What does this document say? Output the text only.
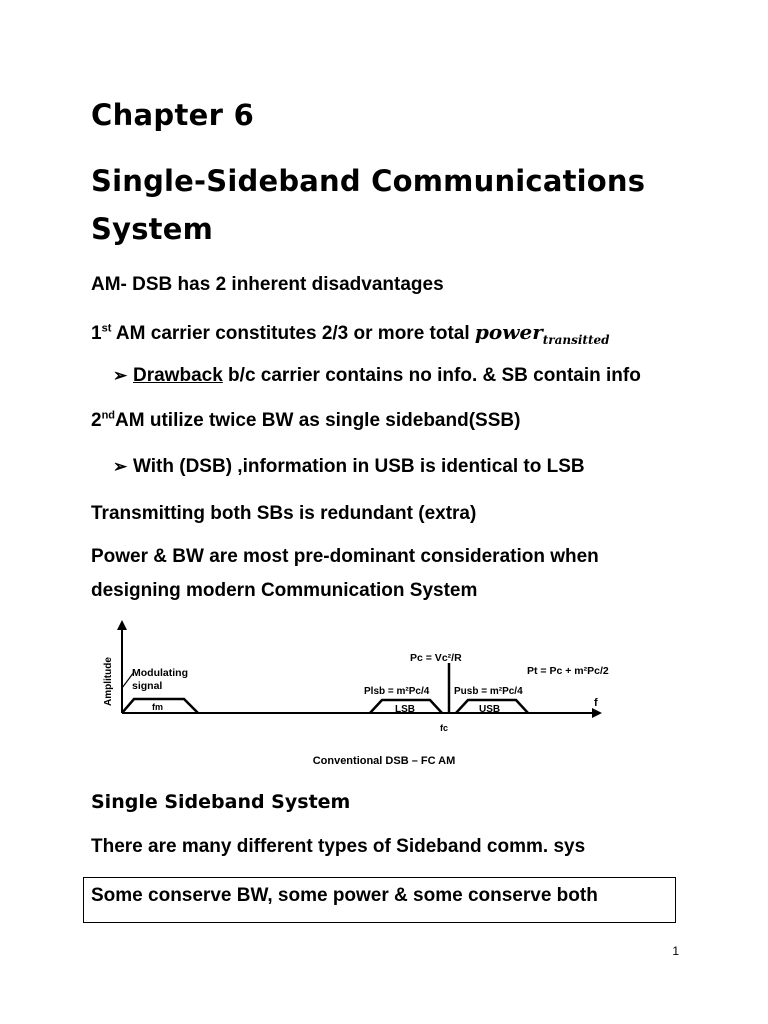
Chapter 6
Single-Sideband Communications
System
AM- DSB has 2 inherent disadvantages
1st AM carrier constitutes 2/3 or more total power$_{transitted}$
➢ Drawback b/c carrier contains no info. & SB contain info
2ndAM utilize twice BW as single sideband(SSB)
➢ With (DSB) ,information in USB is identical to LSB
Transmitting both SBs is redundant (extra)
Power & BW are most pre-dominant consideration when
designing modern Communication System
f
Amplitude Modulating
signal
fm
Pc = Vc²/R
fc
LSB
Plsb = m²Pc/4
USB
Pusb = m²Pc/4
Pt = Pc + m²Pc/2
Conventional DSB – FC AM
Single Sideband System
There are many different types of Sideband comm. sys
Some conserve BW, some power & some conserve both
1
